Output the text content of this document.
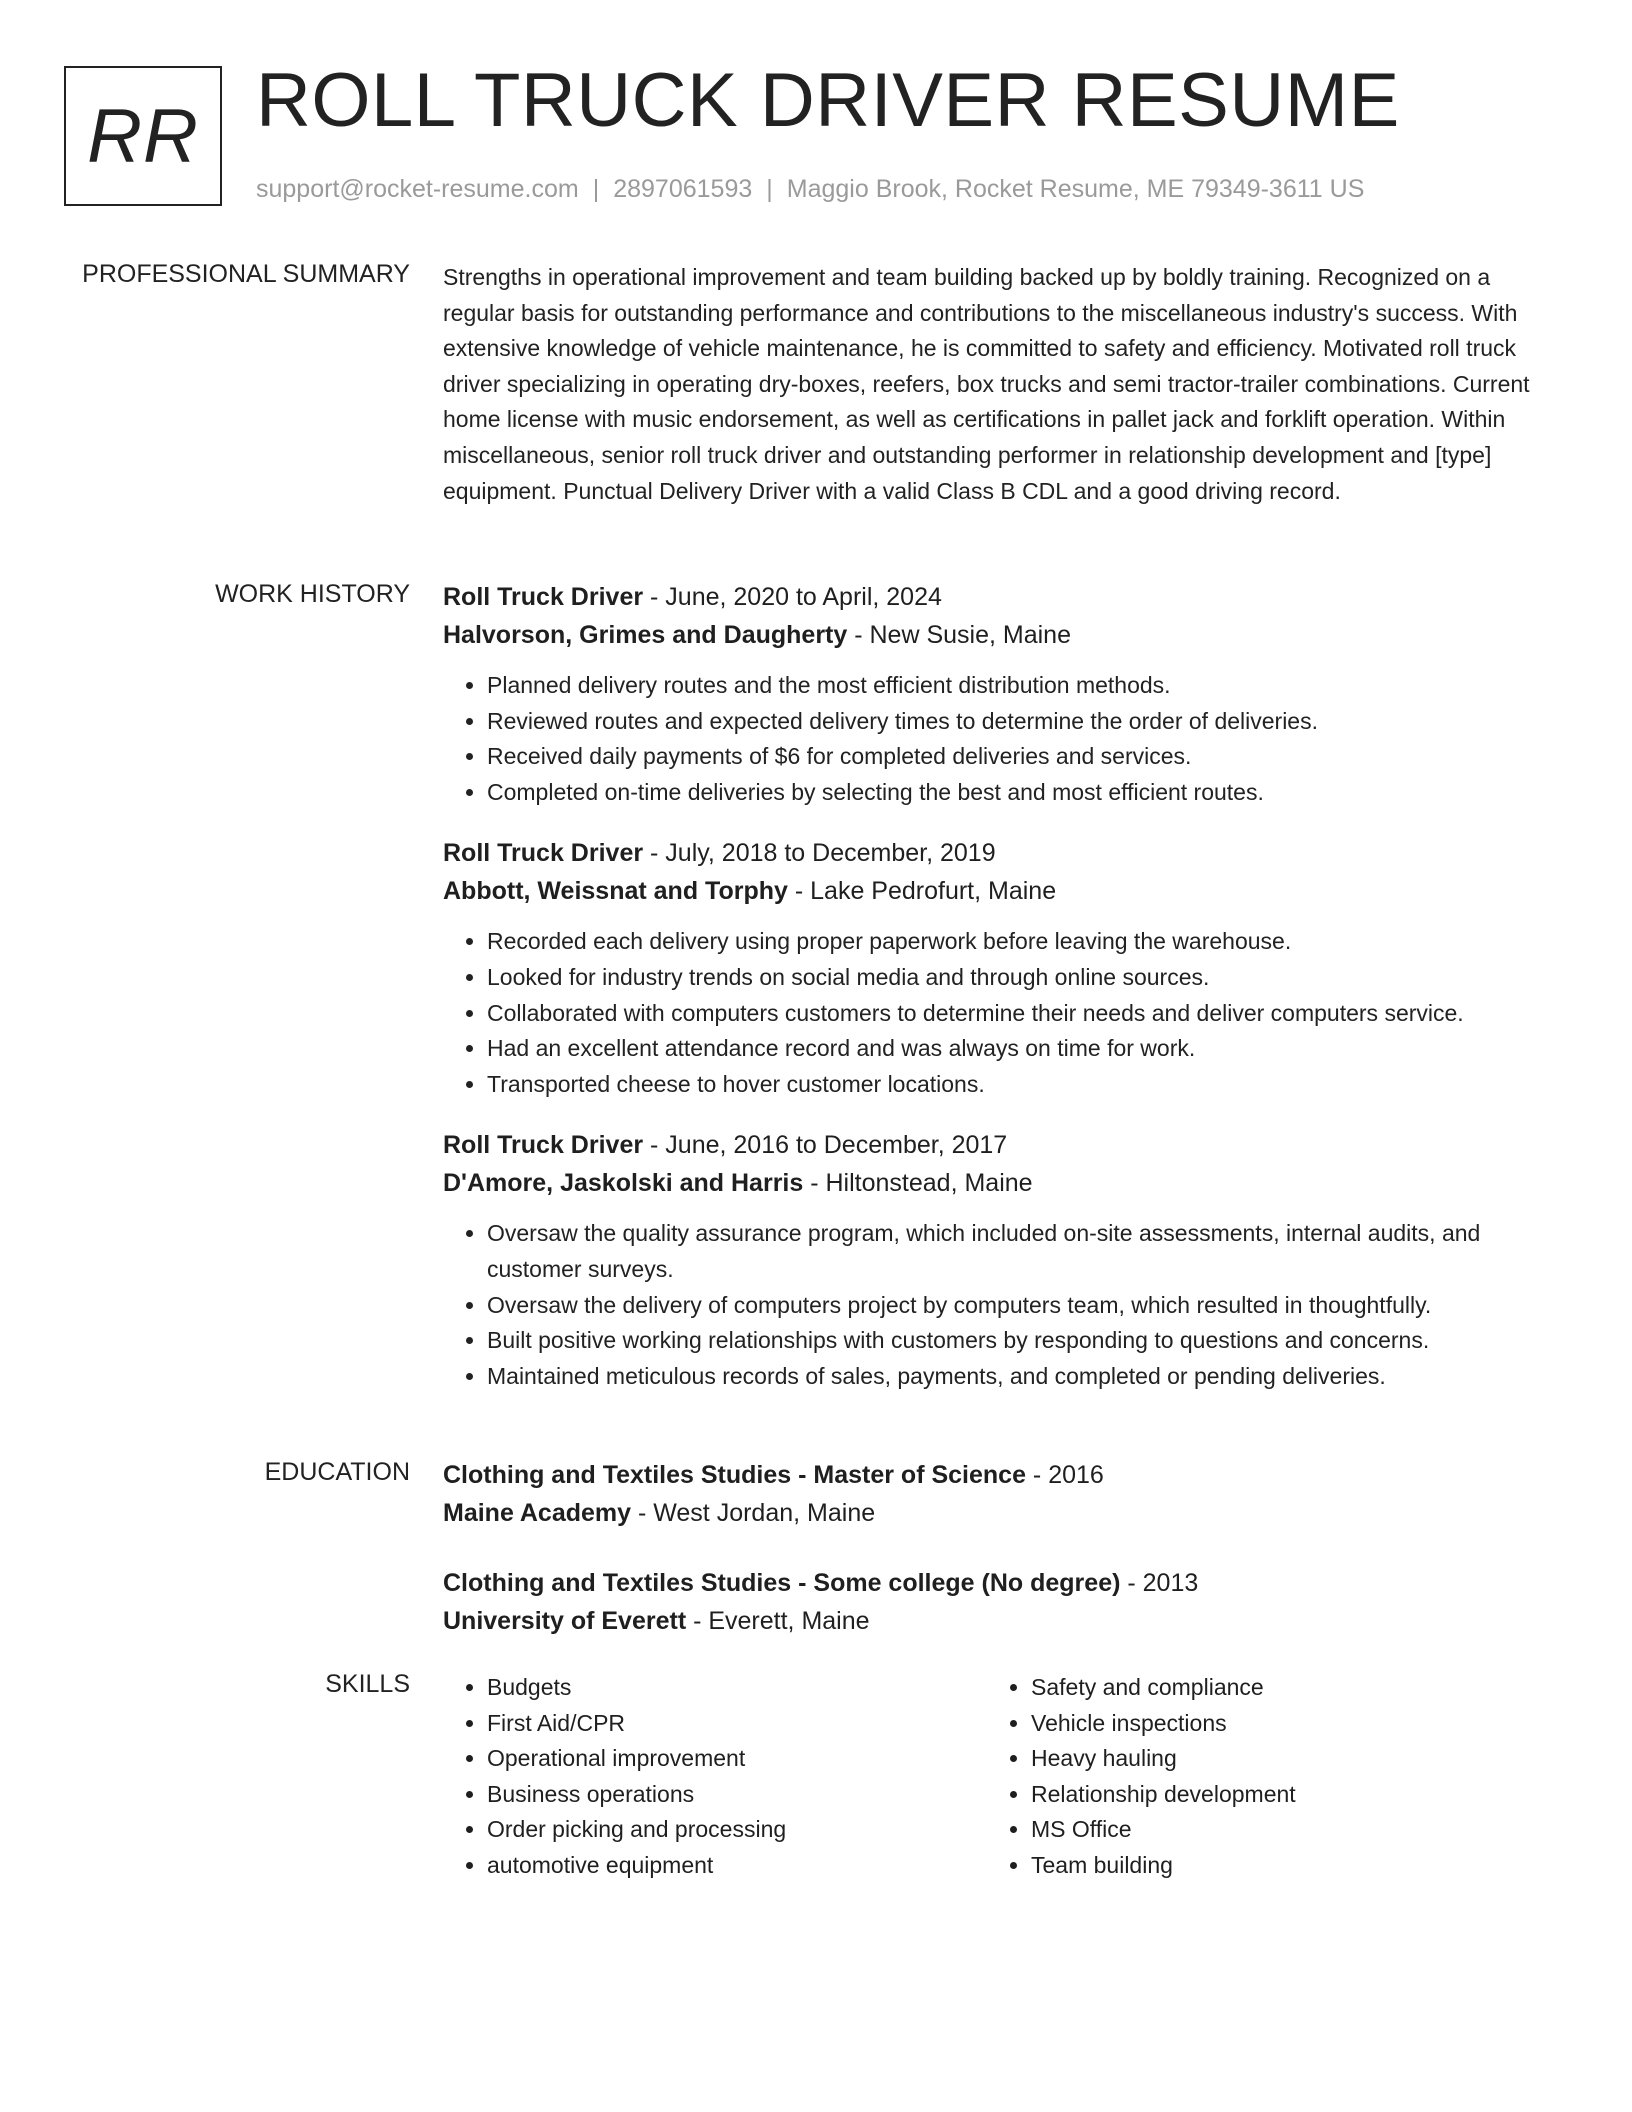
RR ROLL TRUCK DRIVER RESUME
support@rocket-resume.com | 2897061593 | Maggio Brook, Rocket Resume, ME 79349-3611 US
PROFESSIONAL SUMMARY Strengths in operational improvement and team building backed up by boldly training. Recognized on a regular basis for outstanding performance and contributions to the miscellaneous industry's success. With extensive knowledge of vehicle maintenance, he is committed to safety and efficiency. Motivated roll truck driver specializing in operating dry-boxes, reefers, box trucks and semi tractor-trailer combinations. Current home license with music endorsement, as well as certifications in pallet jack and forklift operation. Within miscellaneous, senior roll truck driver and outstanding performer in relationship development and [type] equipment. Punctual Delivery Driver with a valid Class B CDL and a good driving record.

WORK HISTORY Roll Truck Driver - June, 2020 to April, 2024
Halvorson, Grimes and Daugherty - New Susie, Maine
• Planned delivery routes and the most efficient distribution methods.
• Reviewed routes and expected delivery times to determine the order of deliveries.
• Received daily payments of $6 for completed deliveries and services.
• Completed on-time deliveries by selecting the best and most efficient routes.
Roll Truck Driver - July, 2018 to December, 2019
Abbott, Weissnat and Torphy - Lake Pedrofurt, Maine
• Recorded each delivery using proper paperwork before leaving the warehouse.
• Looked for industry trends on social media and through online sources.
• Collaborated with computers customers to determine their needs and deliver computers service.
• Had an excellent attendance record and was always on time for work.
• Transported cheese to hover customer locations.
Roll Truck Driver - June, 2016 to December, 2017
D'Amore, Jaskolski and Harris - Hiltonstead, Maine
• Oversaw the quality assurance program, which included on-site assessments, internal audits, and customer surveys.
• Oversaw the delivery of computers project by computers team, which resulted in thoughtfully.
• Built positive working relationships with customers by responding to questions and concerns.
• Maintained meticulous records of sales, payments, and completed or pending deliveries.
EDUCATION Clothing and Textiles Studies - Master of Science - 2016
Maine Academy - West Jordan, Maine
Clothing and Textiles Studies - Some college (No degree) - 2013
University of Everett - Everett, Maine
SKILLS
•	Budgets
• First Aid/CPR
• Operational improvement
• Business operations
• Order picking and processing
• automotive equipment
• Safety and compliance
• Vehicle inspections
• Heavy hauling
• Relationship development
• MS Office
• Team building
